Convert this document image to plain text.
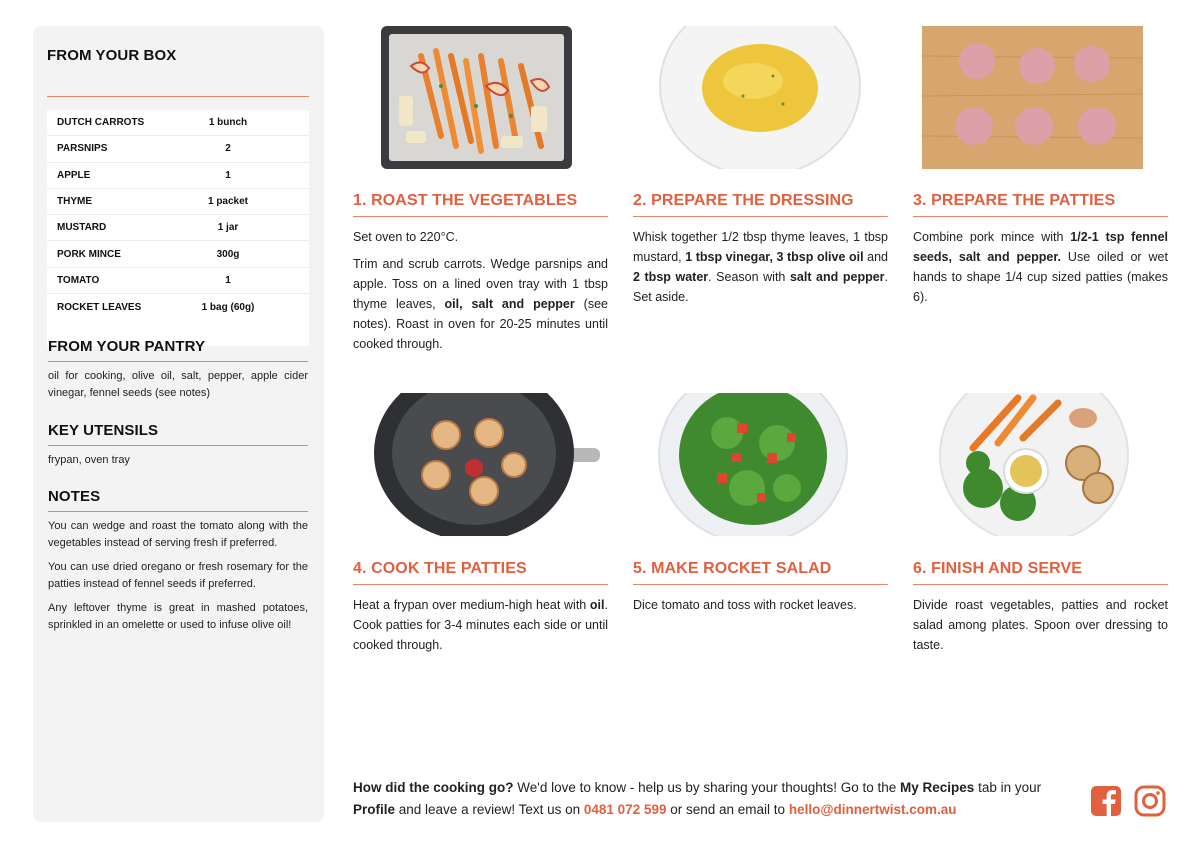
FROM YOUR BOX
DUTCH CARROTS	1 bunch
PARSNIPS	2
APPLE	1
THYME	1 packet
MUSTARD	1 jar
PORK MINCE	300g
TOMATO	1
ROCKET LEAVES	1 bag (60g)
FROM YOUR PANTRY
oil for cooking, olive oil, salt, pepper, apple cider vinegar, fennel seeds (see notes)
KEY UTENSILS
frypan, oven tray
NOTES

You can wedge and roast the tomato along with the vegetables instead of serving fresh if preferred.

You can use dried oregano or fresh rosemary for the patties instead of fennel seeds if preferred.

Any leftover thyme is great in mashed potatoes, sprinkled in an omelette or used to infuse olive oil!

1. ROAST THE VEGETABLES

Set oven to 220°C.

Trim and scrub carrots. Wedge parsnips and apple. Toss on a lined oven tray with 1 tbsp thyme leaves, oil, salt and pepper (see notes). Roast in oven for 20-25 minutes until cooked through.

2. PREPARE THE DRESSING

Whisk together 1/2 tbsp thyme leaves, 1 tbsp mustard, 1 tbsp vinegar, 3 tbsp olive oil and 2 tbsp water. Season with salt and pepper. Set aside.

3. PREPARE THE PATTIES

Combine pork mince with 1/2-1 tsp fennel seeds, salt and pepper. Use oiled or wet hands to shape 1/4 cup sized patties (makes 6).

4. COOK THE PATTIES

Heat a frypan over medium-high heat with oil. Cook patties for 3-4 minutes each side or until cooked through.

5. MAKE ROCKET SALAD

Dice tomato and toss with rocket leaves.

6. FINISH AND SERVE

Divide roast vegetables, patties and rocket salad among plates. Spoon over dressing to taste.

How did the cooking go? We'd love to know - help us by sharing your thoughts! Go to the My Recipes tab in your Profile and leave a review! Text us on 0481 072 599 or send an email to hello@dinnertwist.com.au
